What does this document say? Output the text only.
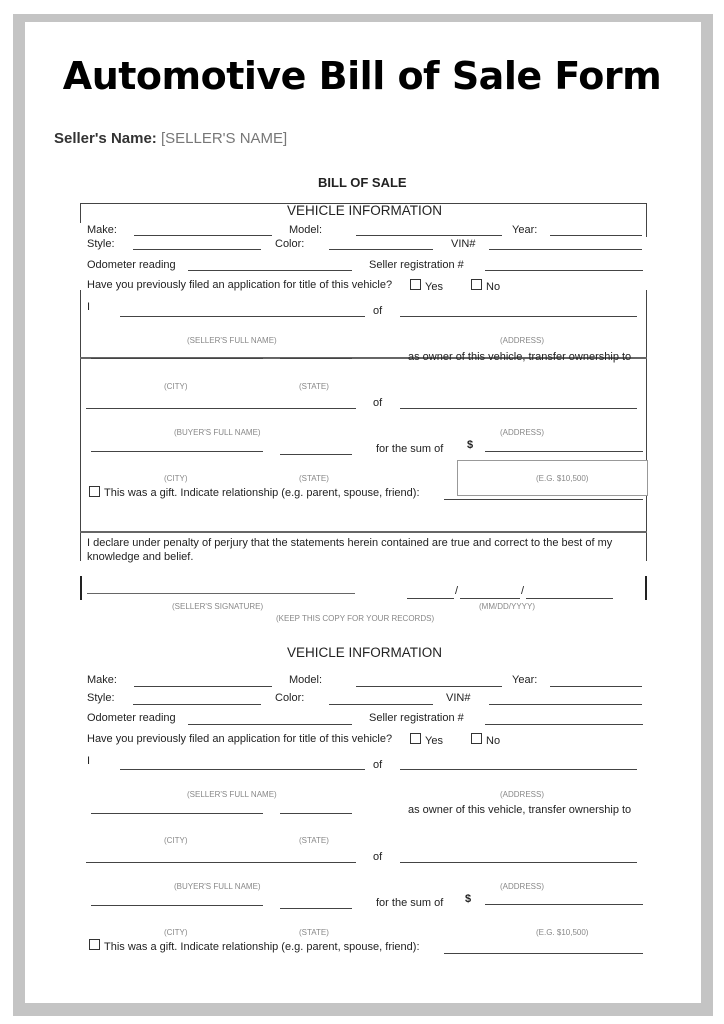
Automotive Bill of Sale Form
Seller's Name: [SELLER'S NAME]
BILL OF SALE
VEHICLE INFORMATION
Make:	Model:	Year:
Style:	Color:	VIN#
Odometer reading	Seller registration #
Have you previously filed an application for title of this vehicle?	Yes	No
I	of
(SELLER'S FULL NAME)	(ADDRESS)
as owner of this vehicle, transfer ownership to
(CITY)	(STATE)
of
(BUYER'S FULL NAME)	(ADDRESS)
for the sum of $
(E.G. $10,500)
(CITY)	(STATE)
This was a gift. Indicate relationship (e.g. parent, spouse, friend):
I declare under penalty of perjury that the statements herein contained are true and correct to the best of my knowledge and belief.
/	/
(SELLER'S SIGNATURE)	(MM/DD/YYYY)
(KEEP THIS COPY FOR YOUR RECORDS)
VEHICLE INFORMATION
Make:	Model:	Year:
Style:	Color:	VIN#
Odometer reading	Seller registration #
Have you previously filed an application for title of this vehicle?	Yes	No
I	of
(SELLER'S FULL NAME)	(ADDRESS)
as owner of this vehicle, transfer ownership to
(CITY)	(STATE)
of
(BUYER'S FULL NAME)	(ADDRESS)
for the sum of $
(CITY)	(STATE)	(E.G. $10,500)
This was a gift. Indicate relationship (e.g. parent, spouse, friend):
